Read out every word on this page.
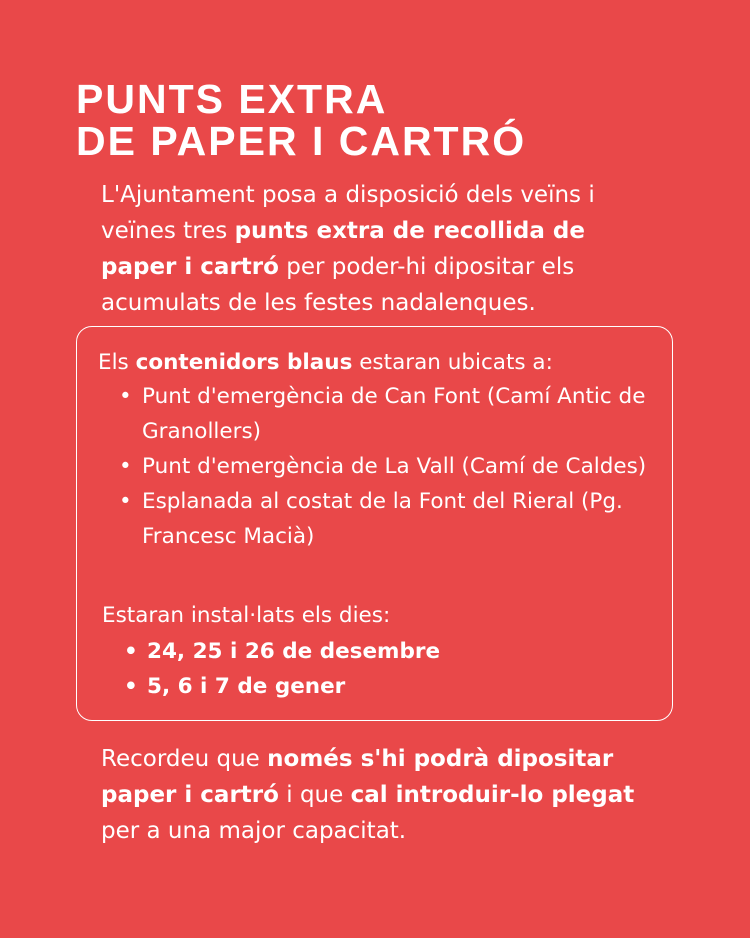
PUNTS EXTRA
DE PAPER I CARTRÓ

L'Ajuntament posa a disposició dels veïns i veïnes tres punts extra de recollida de paper i cartró per poder-hi dipositar els acumulats de les festes nadalenques.

Els contenidors blaus estaran ubicats a:
• Punt d'emergència de Can Font (Camí Antic de Granollers)
• Punt d'emergència de La Vall (Camí de Caldes)
• Esplanada al costat de la Font del Rieral (Pg. Francesc Macià)
Estaran instal·lats els dies:
• 24, 25 i 26 de desembre
• 5, 6 i 7 de gener

Recordeu que només s'hi podrà dipositar paper i cartró i que cal introduir-lo plegat per a una major capacitat.
